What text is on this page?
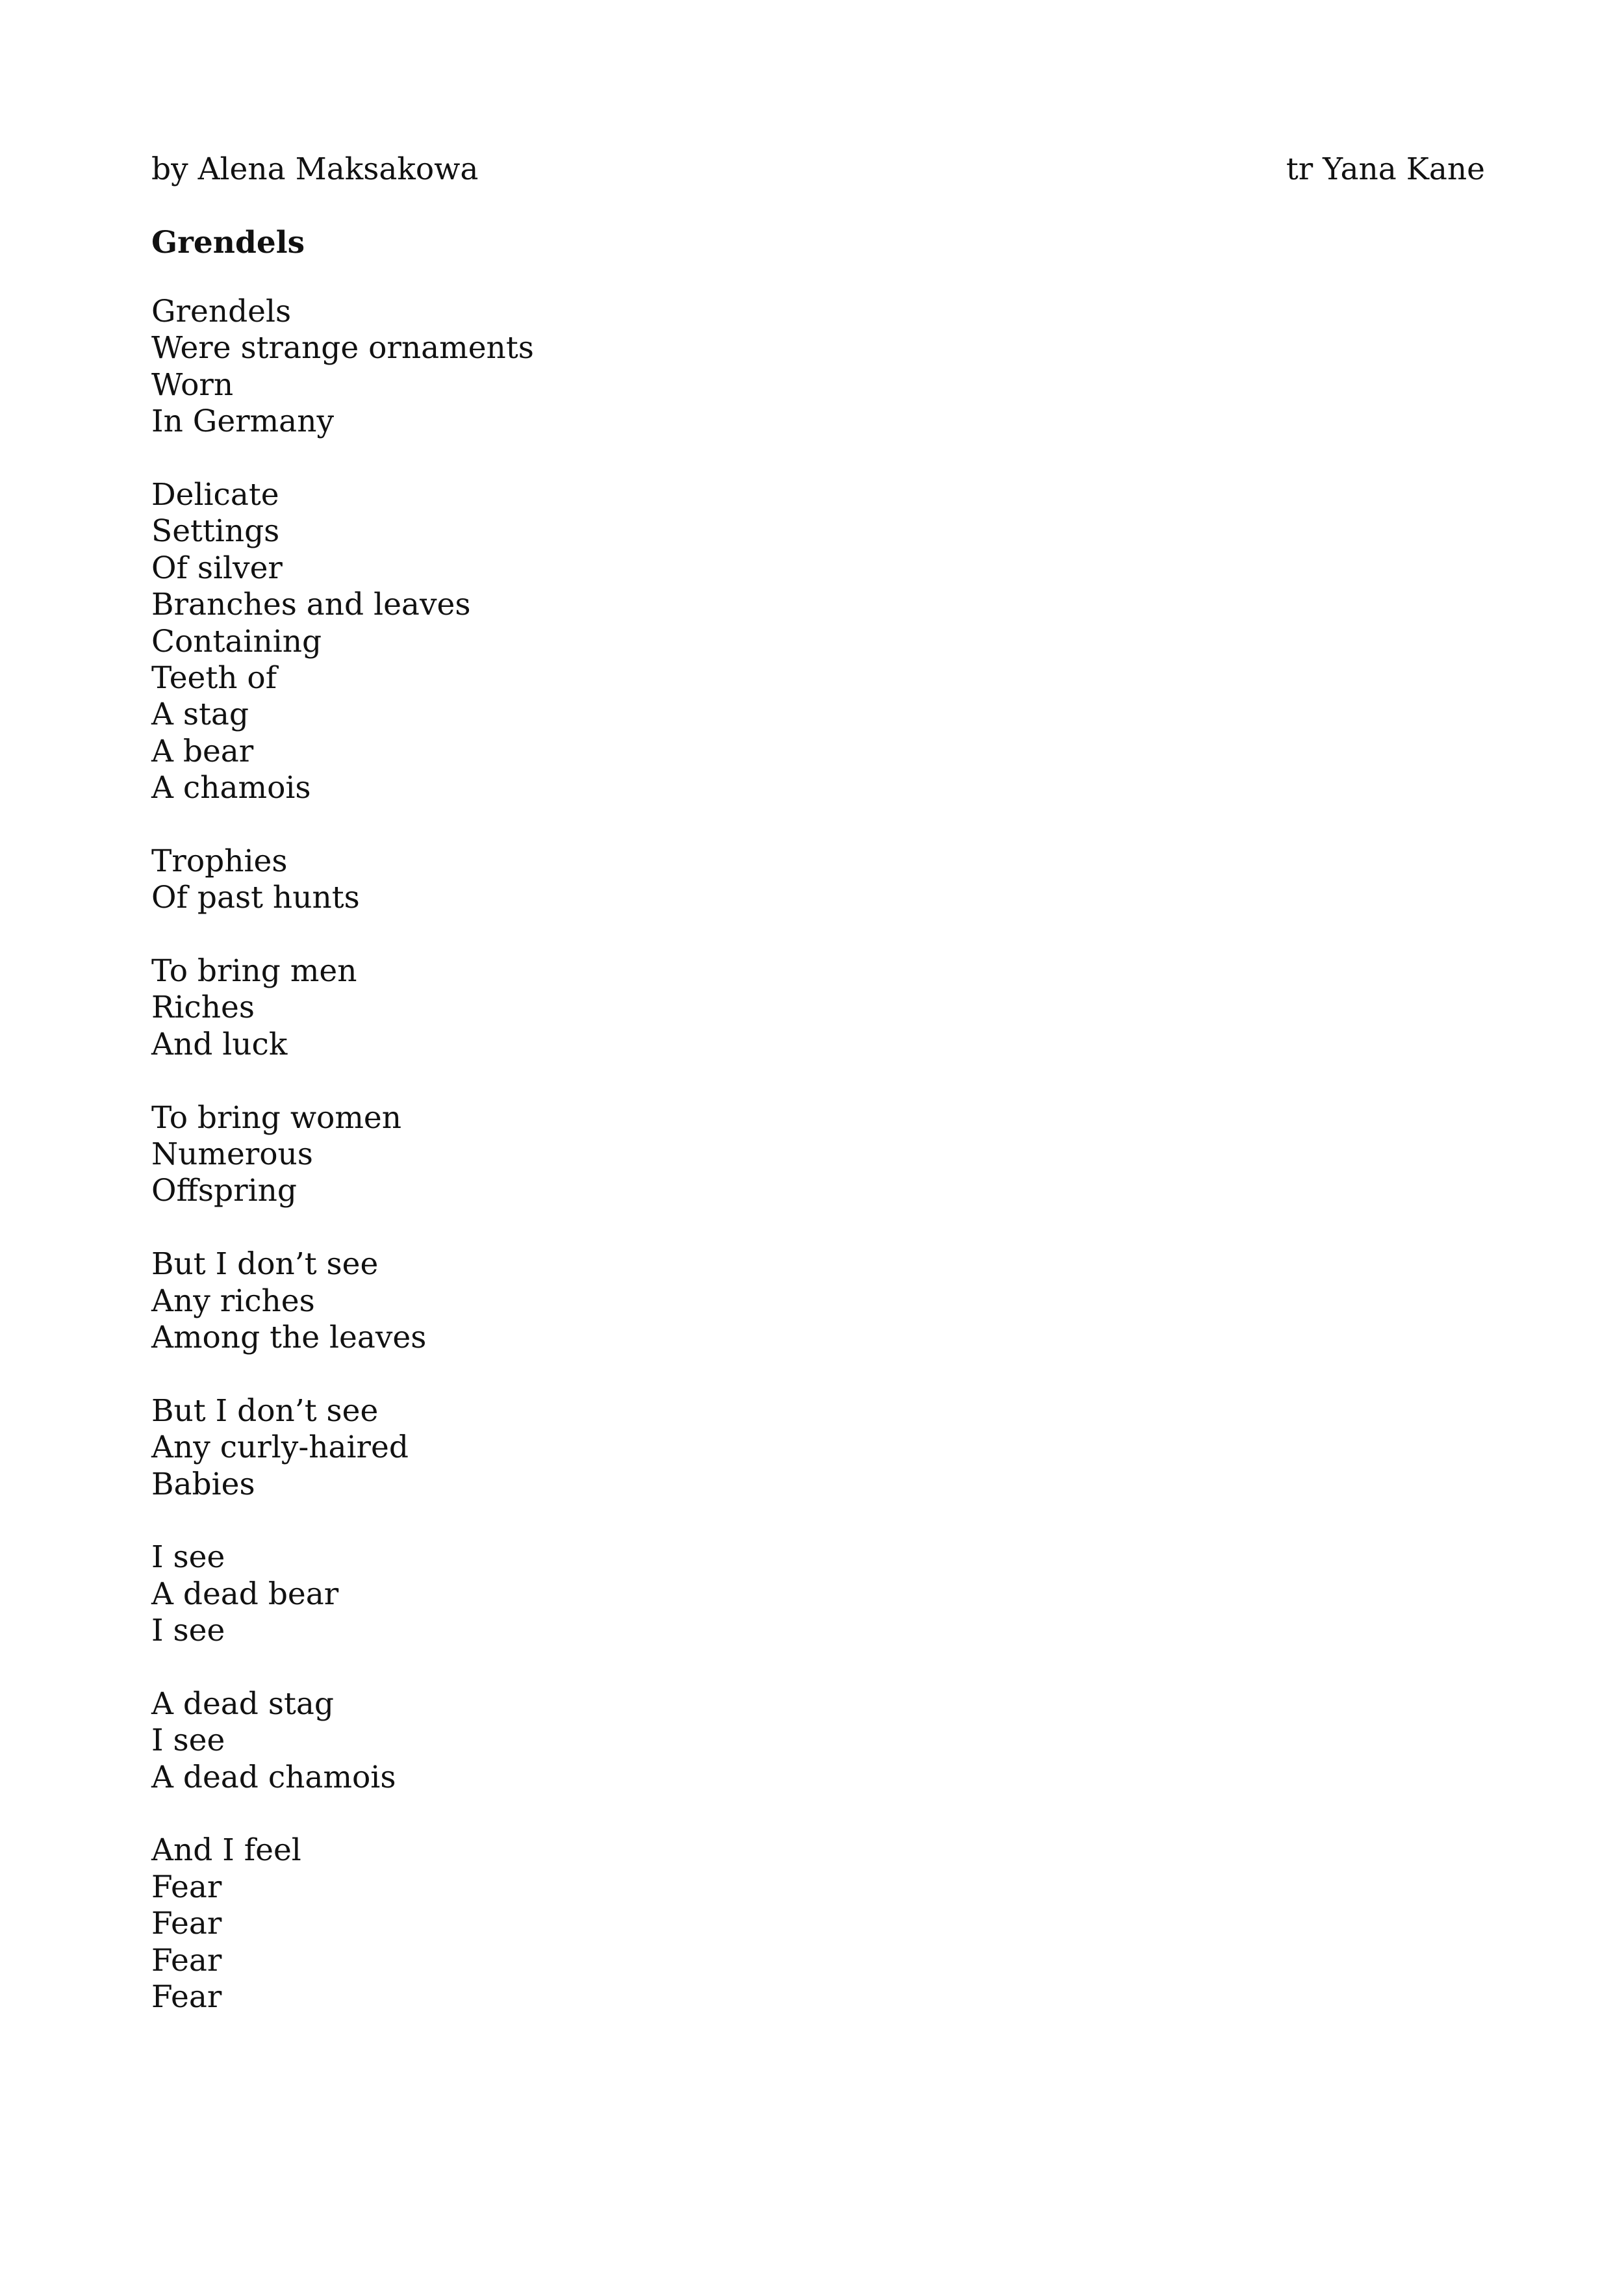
by Alena Maksakowa	tr Yana Kane
Grendels
Grendels
Were strange ornaments
Worn
In Germany
Delicate
Settings
Of silver
Branches and leaves
Containing
Teeth of
A stag
A bear
A chamois
Trophies
Of past hunts
To bring men
Riches
And luck
To bring women
Numerous
Offspring
But I don’t see
Any riches
Among the leaves
But I don’t see
Any curly-haired
Babies
I see
A dead bear
I see
A dead stag
I see
A dead chamois
And I feel
Fear
Fear
Fear
Fear
